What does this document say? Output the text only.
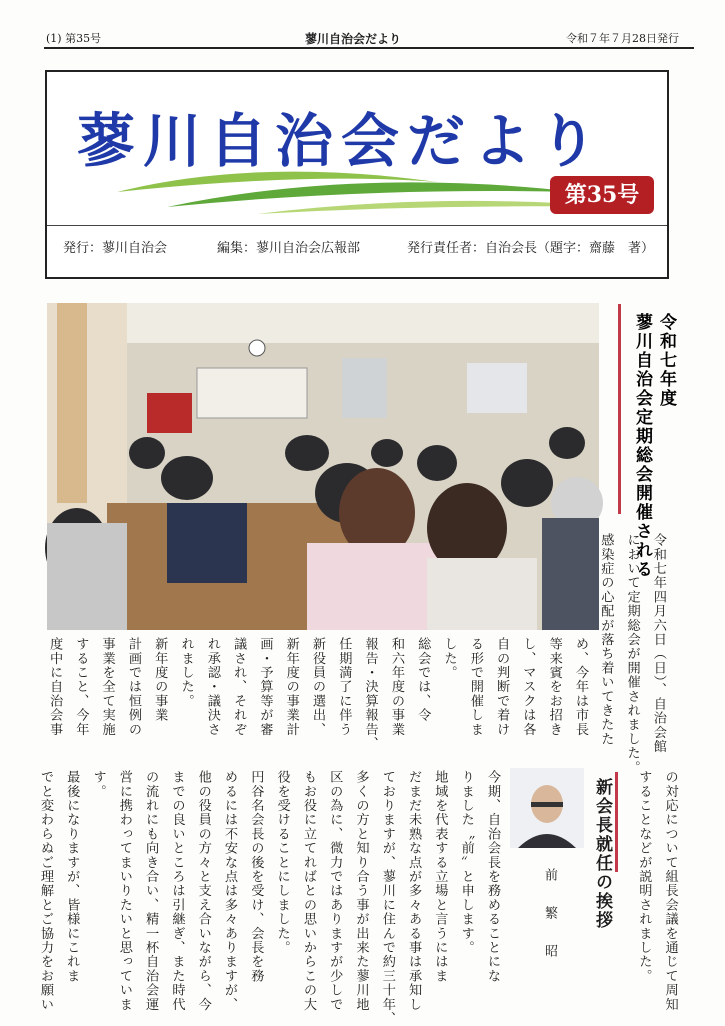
(1) 第35号	蓼川自治会だより	令和７年７月28日発行
蓼川自治会だより
第35号
発行：蓼川自治会	編集：蓼川自治会広報部	発行責任者：自治会長 （題字：齋藤　著）
令和七年度
蓼川自治会定期総会開催される
令和七年四月六日（日）、自治会館
において定期総会が開催されました。
感染症の心配が落ち着いてきたた
め、今年は市長
等来賓をお招き
し、マスクは各
自の判断で着け
る形で開催しま
した。
総会では、令
和六年度の事業
報告・決算報告、
任期満了に伴う
新役員の選出、
新年度の事業計
画・予算等が審
議され、それぞ
れ承認・議決さ
れました。
新年度の事業
計画では恒例の
事業を全て実施
すること、今年
度中に自治会事
の対応について組長会議を通じて周知
することなどが説明されました。
新会長就任の挨拶
前　繁　昭
今期、自治会長を務めることにな
りました〝前〟と申します。
地域を代表する立場と言うにはま
だまだ未熟な点が多々ある事は承知し
ておりますが、蓼川に住んで約三十年、
多くの方と知り合う事が出来た蓼川地
区の為に、微力ではありますが少しで
もお役に立てればとの思いからこの大
役を受けることにしました。
円谷名会長の後を受け、会長を務
めるには不安な点は多々ありますが、
他の役員の方々と支え合いながら、今
までの良いところは引継ぎ、また時代
の流れにも向き合い、精一杯自治会運
営に携わってまいりたいと思っていま
す。
最後になりますが、皆様にこれま
でと変わらぬご理解とご協力をお願い
